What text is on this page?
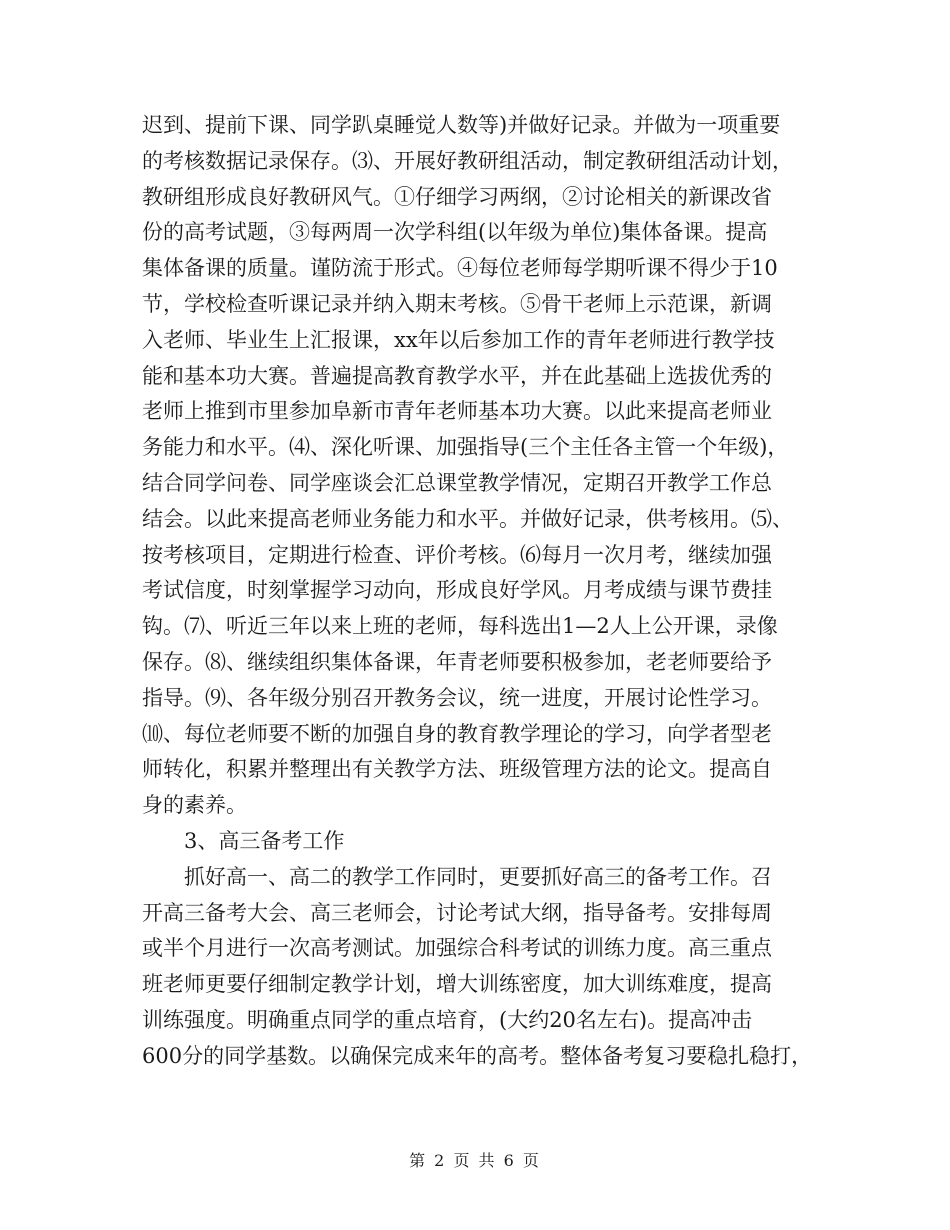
迟到、提前下课、同学趴桌睡觉人数等)并做好记录。并做为一项重要
的考核数据记录保存。⑶、开展好教研组活动，制定教研组活动计划，
教研组形成良好教研风气。①仔细学习两纲，②讨论相关的新课改省
份的高考试题，③每两周一次学科组(以年级为单位)集体备课。提高
集体备课的质量。谨防流于形式。④每位老师每学期听课不得少于10
节，学校检查听课记录并纳入期末考核。⑤骨干老师上示范课，新调
入老师、毕业生上汇报课，xx年以后参加工作的青年老师进行教学技
能和基本功大赛。普遍提高教育教学水平，并在此基础上选拔优秀的
老师上推到市里参加阜新市青年老师基本功大赛。以此来提高老师业
务能力和水平。⑷、深化听课、加强指导(三个主任各主管一个年级)，
结合同学问卷、同学座谈会汇总课堂教学情况，定期召开教学工作总
结会。以此来提高老师业务能力和水平。并做好记录，供考核用。⑸、
按考核项目，定期进行检查、评价考核。⑹每月一次月考，继续加强
考试信度，时刻掌握学习动向，形成良好学风。月考成绩与课节费挂
钩。⑺、听近三年以来上班的老师，每科选出1—2人上公开课，录像
保存。⑻、继续组织集体备课，年青老师要积极参加，老老师要给予
指导。⑼、各年级分别召开教务会议，统一进度，开展讨论性学习。
⑽、每位老师要不断的加强自身的教育教学理论的学习，向学者型老
师转化，积累并整理出有关教学方法、班级管理方法的论文。提高自
身的素养。
3、高三备考工作
抓好高一、高二的教学工作同时，更要抓好高三的备考工作。召
开高三备考大会、高三老师会，讨论考试大纲，指导备考。安排每周
或半个月进行一次高考测试。加强综合科考试的训练力度。高三重点
班老师更要仔细制定教学计划，增大训练密度，加大训练难度，提高
训练强度。明确重点同学的重点培育，(大约20名左右)。提高冲击
600分的同学基数。以确保完成来年的高考。整体备考复习要稳扎稳打，
第 2 页 共 6 页
